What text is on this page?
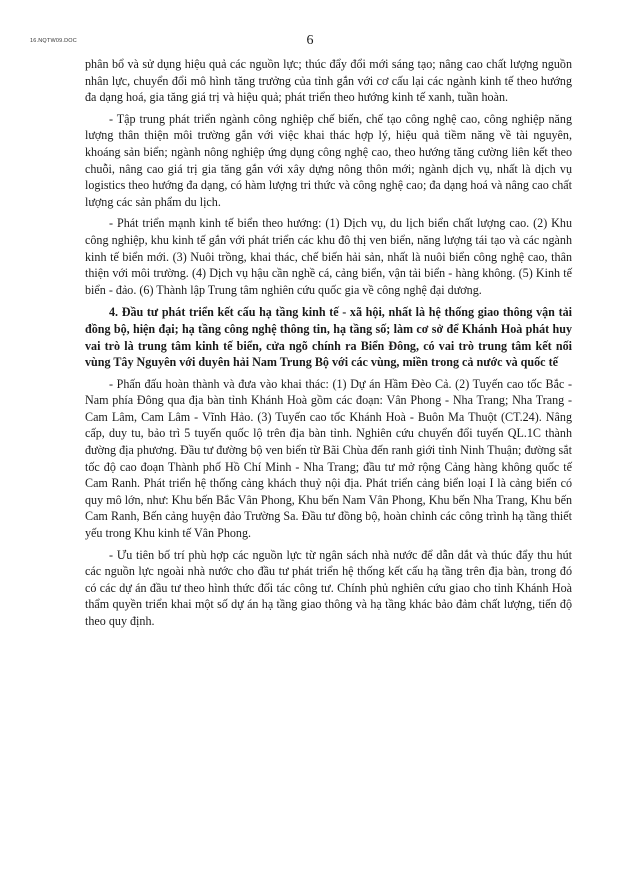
16.NQTW09.DOC	6

phân bổ và sử dụng hiệu quả các nguồn lực; thúc đẩy đổi mới sáng tạo; nâng cao chất lượng nguồn nhân lực, chuyển đổi mô hình tăng trưởng của tỉnh gắn với cơ cấu lại các ngành kinh tế theo hướng đa dạng hoá, gia tăng giá trị và hiệu quả; phát triển theo hướng kinh tế xanh, tuần hoàn.

- Tập trung phát triển ngành công nghiệp chế biến, chế tạo công nghệ cao, công nghiệp năng lượng thân thiện môi trường gắn với việc khai thác hợp lý, hiệu quả tiềm năng về tài nguyên, khoáng sản biển; ngành nông nghiệp ứng dụng công nghệ cao, theo hướng tăng cường liên kết theo chuỗi, nâng cao giá trị gia tăng gắn với xây dựng nông thôn mới; ngành dịch vụ, nhất là dịch vụ logistics theo hướng đa dạng, có hàm lượng tri thức và công nghệ cao; đa dạng hoá và nâng cao chất lượng các sản phẩm du lịch.

- Phát triển mạnh kinh tế biển theo hướng: (1) Dịch vụ, du lịch biển chất lượng cao. (2) Khu công nghiệp, khu kinh tế gắn với phát triển các khu đô thị ven biển, năng lượng tái tạo và các ngành kinh tế biển mới. (3) Nuôi trồng, khai thác, chế biến hải sản, nhất là nuôi biển công nghệ cao, thân thiện với môi trường. (4) Dịch vụ hậu cần nghề cá, cảng biển, vận tải biển - hàng không. (5) Kinh tế biển - đảo. (6) Thành lập Trung tâm nghiên cứu quốc gia về công nghệ đại dương.

4. Đầu tư phát triển kết cấu hạ tầng kinh tế - xã hội, nhất là hệ thống giao thông vận tải đồng bộ, hiện đại; hạ tầng công nghệ thông tin, hạ tầng số; làm cơ sở để Khánh Hoà phát huy vai trò là trung tâm kinh tế biển, cửa ngõ chính ra Biển Đông, có vai trò trung tâm kết nối vùng Tây Nguyên với duyên hải Nam Trung Bộ với các vùng, miền trong cả nước và quốc tế

- Phấn đấu hoàn thành và đưa vào khai thác: (1) Dự án Hầm Đèo Cả. (2) Tuyến cao tốc Bắc - Nam phía Đông qua địa bàn tỉnh Khánh Hoà gồm các đoạn: Vân Phong - Nha Trang; Nha Trang - Cam Lâm, Cam Lâm - Vĩnh Hảo. (3) Tuyến cao tốc Khánh Hoà - Buôn Ma Thuột (CT.24). Nâng cấp, duy tu, bảo trì 5 tuyến quốc lộ trên địa bàn tỉnh. Nghiên cứu chuyển đổi tuyến QL.1C thành đường địa phương. Đầu tư đường bộ ven biển từ Bãi Chùa đến ranh giới tỉnh Ninh Thuận; đường sắt tốc độ cao đoạn Thành phố Hồ Chí Minh - Nha Trang; đầu tư mở rộng Cảng hàng không quốc tế Cam Ranh. Phát triển hệ thống cảng khách thuỷ nội địa. Phát triển cảng biển loại I là cảng biển có quy mô lớn, như: Khu bến Bắc Vân Phong, Khu bến Nam Vân Phong, Khu bến Nha Trang, Khu bến Cam Ranh, Bến cảng huyện đảo Trường Sa. Đầu tư đồng bộ, hoàn chỉnh các công trình hạ tầng thiết yếu trong Khu kinh tế Vân Phong.

- Ưu tiên bố trí phù hợp các nguồn lực từ ngân sách nhà nước để dẫn dắt và thúc đẩy thu hút các nguồn lực ngoài nhà nước cho đầu tư phát triển hệ thống kết cấu hạ tầng trên địa bàn, trong đó có các dự án đầu tư theo hình thức đối tác công tư. Chính phủ nghiên cứu giao cho tỉnh Khánh Hoà thẩm quyền triển khai một số dự án hạ tầng giao thông và hạ tầng khác bảo đảm chất lượng, tiến độ theo quy định.
